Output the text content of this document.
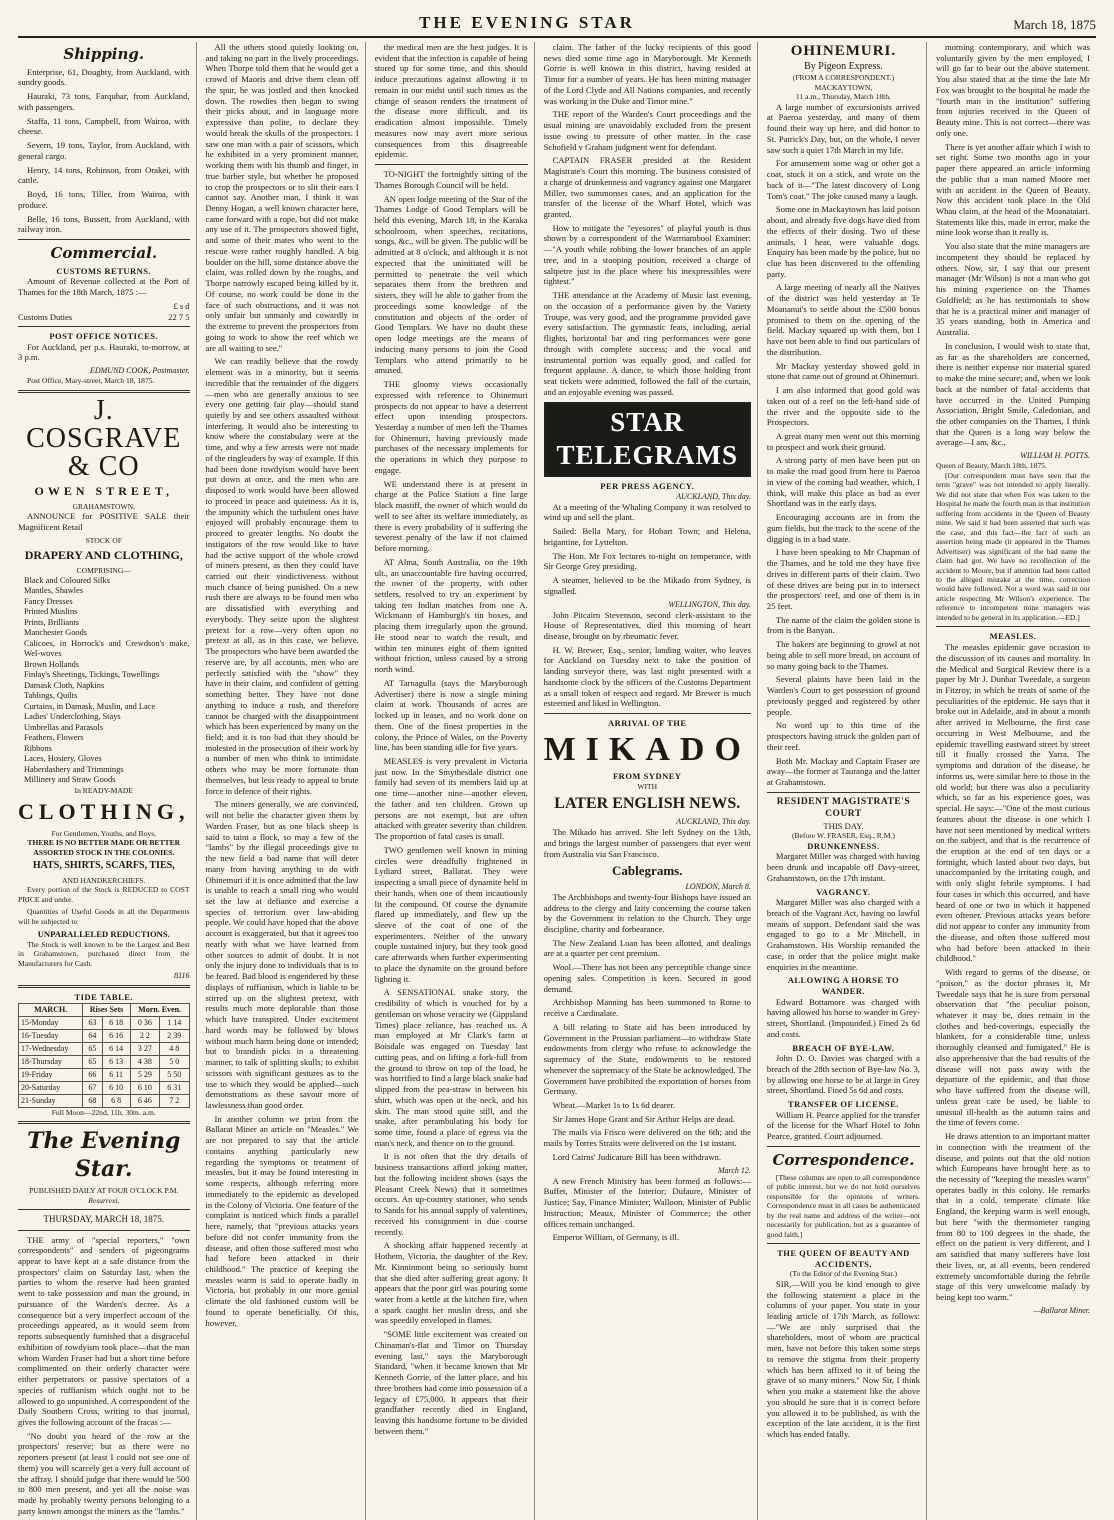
THE EVENING STAR	March 18, 1875
Shipping.

Enterprise, 61, Doughty, from Auckland, with sundry goods.

Hauraki, 73 tons, Farquhar, from Auckland, with passengers.

Staffa, 11 tons, Campbell, from Wairoa, with cheese.

Severn, 19 tons, Taylor, from Auckland, with general cargo.

Henry, 14 tons, Robinson, from Orakei, with cattle.

Boyd, 16 tons, Tiller, from Wairoa, with produce.

Belle, 16 tons, Bussett, from Auckland, with railway iron.

Commercial.
CUSTOMS RETURNS.

Amount of Revenue collected at the Port of Thames for the 18th March, 1875 :—

£ s d
Customs Duties	22 7 5
POST OFFICE NOTICES.

For Auckland, per p.s. Hauraki, to-morrow, at 3 p.m.

EDMUND COOK, Postmaster.

Post Office, Mary-street, March 18, 1875.

J. COSGRAVE & CO
OWEN STREET,
GRAHAMSTOWN,

ANNOUNCE for POSITIVE SALE their Magnificent Retail

STOCK OF
DRAPERY AND CLOTHING,
COMPRISING—
Black and Coloured Silks
Mantles, Shawles
Fancy Dresses
Printed Muslins
Prints, Brilliants
Manchester Goods
Calicoes, in Horrock's and Crewdson's make, Wel-woves
Brown Hollands
Finlay's Sheetings, Tickings, Towellings
Damask Cloth, Napkins
Tablings, Quilts
Curtains, in Damask, Muslin, and Lace
Ladies' Underclothing, Stays
Umbrellas and Parasols
Feathers, Flowers
Ribbons
Laces, Hosiery, Gloves
Haberdashery and Trimmings
Millinery and Straw Goods
In READY-MADE
CLOTHING,
For Gentlemen, Youths, and Boys,
THERE IS NO BETTER MADE OR BETTER ASSORTED STOCK IN THE COLONIES.
HATS, SHIRTS, SCARFS, TIES,
AND HANDKERCHIEFS.

Every portion of the Stock is REDUCED to COST PRICE and under.

Quantities of Useful Goods in all the Departments will be subjected to

UNPARALLELED REDUCTIONS.

The Stock is well known to be the Largest and Best in Grahamstown, purchased direct from the Manufacturers for Cash.

8116
TIDE TABLE.
MARCH.	Rises Sets		Morn. Even.	
15-Monday	63	6 18	0 36	1 14
16-Tuesday	64	6 16	2 2	2 39
17-Wednesday	65	6 14	3 27	4 8
18-Thursday	65	6 13	4 38	5 0
19-Friday	66	6 11	5 29	5 50
20-Saturday	67	6 10	6 10	6 31
21-Sunday	68	6 8	6 46	7 2
Full Moon—22nd, 11h. 30m. a.m.
The Evening Star.
PUBLISHED DAILY AT FOUR O'CLOCK P.M.
Resurrexi.
THURSDAY, MARCH 18, 1875.

THE army of "special reporters," "own correspondents" and senders of pigeongrams appear to have kept at a safe distance from the prospectors' claim on Saturday last, when the parties to whom the reserve had been granted went to take possession and man the ground, in pursuance of the Warden's decree. As a consequence but a very imperfect account of the proceedings appeared, as it would seem from reports subsequently furnished that a disgraceful exhibition of rowdyism took place—that the man whom Warden Fraser had but a short time before complimented on their orderly character were either perpetrators or passive spectators of a species of ruffianism which ought not to be allowed to go unpunished. A correspondent of the Daily Southern Cross, writing to that journal, gives the following account of the fracas :—

"No doubt you heard of the row at the prospectors' reserve; but as there were no reporters present (at least I could not see one of them) you will scarcely get a very full account of the affray. I should judge that there would be 500 to 800 men present, and yet all the noise was made by probably twenty persons belonging to a party known amongst the miners as the "lambs."

All the others stood quietly looking on, and taking no part in the lively proceedings. When Thorpe told them that he would get a crowd of Maoris and drive them clean off the spur, he was jostled and then knocked down. The rowdies then began to swing their picks about, and in language more expressive than polite, to declare they would break the skulls of the prospectors. I saw one man with a pair of scissors, which he exhibited in a very prominent manner, working them with his thumb and finger, in true barber style, but whether he proposed to crop the prospectors or to slit their ears I cannot say. Another man, I think it was Denny Hogan, a well known character here, came forward with a rope, but did not make any use of it. The prospectors showed fight, and some of their mates who went to the rescue were rather roughly handled. A big boulder on the hill, some distance above the claim, was rolled down by the roughs, and Thorpe narrowly escaped being killed by it. Of course, no work could be done in the face of such obstructions, and it was not only unfair but unmanly and cowardly in the extreme to prevent the prospectors from going to work to show the reef which we are all waiting to see."

We can readily believe that the rowdy element was in a minority, but it seems incredible that the remainder of the diggers—men who are generally anxious to see every one getting fair play—should stand quietly by and see others assaulted without interfering. It would also be interesting to know where the constabulary were at the time, and why a few arrests were not made of the ringleaders by way of example. If this had been done rowdyism would have been put down at once, and the men who are disposed to work would have been allowed to proceed in peace and quietness. As it is, the impunity which the turbulent ones have enjoyed will probably encourage them to proceed to greater lengths. No doubt the instigators of the row would like to have had the active support of the whole crowd of miners present, as then they could have carried out their vindictiveness without much chance of being punished. On a new rush there are always to be found men who are dissatisfied with everything and everybody. They seize upon the slightest pretext for a row—very often upon no pretext at all, as in this case, we believe. The prospectors who have been awarded the reserve are, by all accounts, men who are perfectly satisfied with the "show" they have in their claim, and confident of getting something better. They have not done anything to induce a rush, and therefore cannot be charged with the disappointment which has been experienced by many on the field; and it is too bad that they should be molested in the prosecution of their work by a number of men who think to intimidate others who may be more fortunate than themselves, but less ready to appeal to brute force in defence of their rights.

The miners generally, we are convinced, will not belie the character given them by Warden Fraser, but as one black sheep is said to taint a flock, so may a few of the "lambs" by the illegal proceedings give to the new field a bad name that will deter many from having anything to do with Ohinemuri if it is once admitted that the law is unable to reach a small ring who would set the law at defiance and exercise a species of terrorism over law-abiding people. We could have hoped that the above account is exaggerated, but that it agrees too nearly with what we have learned from other sources to admit of doubt. It is not only the injury done to individuals that is to be feared. Bad blood is engendered by these displays of ruffianism, which is liable to be stirred up on the slightest pretext, with results much more deplorable than those which have transpired. Under excitement hard words may be followed by blows without much harm being done or intended; but to brandish picks in a threatening manner, to talk of splitting skulls; to exhibit scissors with significant gestures as to the use to which they would be applied—such demonstrations as these savour more of lawlessness than good order.

In another column we print from the Ballarat Miner an article on "Measles." We are not prepared to say that the article contains anything particularly new regarding the symptoms or treatment of measles, but it may be found interesting in some respects, although referring more immediately to the epidemic as developed in the Colony of Victoria. One feature of the complaint is noticed which finds a parallel here, namely, that "previous attacks years before did not confer immunity from the disease, and often those suffered most who had before been attacked in their childhood." The practice of keeping the measles warm is said to operate badly in Victoria, but probably in our more genial climate the old fashioned custom will be found to operate beneficially. Of this, however,

the medical men are the best judges. It is evident that the infection is capable of being stored up for some time, and this should induce precautions against allowing it to remain in our midst until such times as the change of season renders the treatment of the disease more difficult, and its eradication almost impossible. Timely measures now may avert more serious consequences from this disagreeable epidemic.

TO-NIGHT the fortnightly sitting of the Thames Borough Council will be held.

AN open lodge meeting of the Star of the Thames Lodge of Good Templars will be held this evening, March 18, in the Karaka schoolroom, when speeches, recitations, songs, &c., will be given. The public will be admitted at 8 o'clock, and although it is not expected that the uninitiated will be permitted to penetrate the veil which separates them from the brethren and sisters, they will be able to gather from the proceedings some knowledge of the constitution and objects of the order of Good Templars. We have no doubt these open lodge meetings are the means of inducing many persons to join the Good Templars who attend primarily to be amused.

THE gloomy views occasionally expressed with reference to Ohinemuri prospects do not appear to have a deterrent effect upon intending prospectors. Yesterday a number of men left the Thames for Ohinemuri, having previously made purchases of the necessary implements for the operations in which they purpose to engage.

WE understand there is at present in charge at the Police Station a fine large black mastiff, the owner of which would do well to see after its welfare immediately, as there is every probability of it suffering the severest penalty of the law if not claimed before morning.

AT Alma, South Australia, on the 19th ult., an unaccountable fire having occurred, the owner of the property, with other settlers, resolved to try an experiment by taking ten Indian matches from one A. Wickmann of Hamburgh's tin boxes, and placing them irregularly upon the ground. He stood near to watch the result, and within ten minutes eight of them ignited without friction, unless caused by a strong north wind.

AT Tarnagulla (says the Maryborough Advertiser) there is now a single mining claim at work. Thousands of acres are locked up in leases, and no work done on them. One of the finest properties in the colony, the Prince of Wales, on the Poverty line, has been standing idle for five years.

MEASLES is very prevalent in Victoria just now. In the Smythesdale district one family had seven of its members laid up at one time—another nine—another eleven, the father and ten children. Grown up persons are not exempt, but are often attacked with greater severity than children. The proportion of fatal cases is small.

TWO gentlemen well known in mining circles were dreadfully frightened in Lydiard street, Ballarat. They were inspecting a small piece of dynamite held in their hands, when one of them incautiously lit the compound. Of course the dynamite flared up immediately, and flew up the sleeve of the coat of one of the experimenters. Neither of the unwary couple sustained injury, but they took good care afterwards when further experimenting to place the dynamite on the ground before lighting it.

A SENSATIONAL snake story, the credibility of which is vouched for by a gentleman on whose veracity we (Gippsland Times) place reliance, has reached us. A man employed at Mr Clark's farm at Boisdale was engaged on Tuesday last cutting peas, and on lifting a fork-full from the ground to throw on top of the load, he was horrified to find a large black snake had slipped from the pea-straw in between his shirt, which was open at the neck, and his skin. The man stood quite still, and the snake, after perambulating his body for some time, found a place of egress via the man's neck, and thence on to the ground.

It is not often that the dry details of business transactions afford joking matter, but the following incident shows (says the Pleasant Creek News) that it sometimes occurs. An up-country stationer, who sends to Sands for his annual supply of valentines, received his consignment in due course recently.

A shocking affair happened recently at Hothem, Victoria, the daughter of the Rev. Mr. Kinninmont being so seriously burnt that she died after suffering great agony. It appears that the poor girl was pouring some water from a kettle at the kitchen fire, when a spark caught her muslin dress, and she was speedily enveloped in flames.

"SOME little excitement was created on Chinaman's-flat and Timor on Thursday evening last," says the Maryborough Standard, "when it became known that Mr Kenneth Gorrie, of the latter place, and his three brothers had come into possession of a legacy of £75,000. It appears that their grandfather recently died in England, leaving this handsome fortune to be divided between them."

claim. The father of the lucky recipients of this good news died some time ago in Maryborough. Mr Kenneth Gorrie is well known in this district, having resided at Timor for a number of years. He has been mining manager of the Lord Clyde and All Nations companies, and recently was working in the Duke and Timor mine."

THE report of the Warden's Court proceedings and the usual mining are unavoidably excluded from the present issue owing to pressure of other matter. In the case Schofield v Graham judgment went for defendant.

CAPTAIN FRASER presided at the Resident Magistrate's Court this morning. The business consisted of a charge of drunkenness and vagrancy against one Margaret Miller, two summonses cases, and an application for the transfer of the license of the Wharf Hotel, which was granted.

How to mitigate the "eyesores" of playful youth is thus shown by a correspondent of the Warrnambool Examiner:—"A youth while robbing the lower branches of an apple tree, and in a stooping position, received a charge of saltpetre just in the place where his inexpressibles were tightest."

THE attendance at the Academy of Music last evening, on the occasion of a performance given by the Variety Troupe, was very good, and the programme provided gave every satisfaction. The gymnastic feats, including, aerial flights, horizontal bar and ring performances were gone through with complete success; and the vocal and instrumental portion was equally good, and called for frequent applause. A dance, to which those holding front seat tickets were admitted, followed the fall of the curtain, and an enjoyable evening was passed.

STAR TELEGRAMS
PER PRESS AGENCY.
AUCKLAND, This day.

At a meeting of the Whaling Company it was resolved to wind up and sell the plant.

Sailed: Bella Mary, for Hobart Town; and Helena, brigantine, for Lyttelton.

The Hon. Mr Fox lectures to-night on temperance, with Sir George Grey presiding.

A steamer, believed to be the Mikado from Sydney, is signalled.

WELLINGTON, This day.

John Pitcairn Stevenson, second clerk-assistant to the House of Representatives, died this morning of heart disease, brought on by rheumatic fever.

H. W. Brewer, Esq., senior, landing waiter, who leaves for Auckland on Tuesday next to take the position of landing surveyor there, was last night presented with a handsome clock by the officers of the Customs Department as a small token of respect and regard. Mr Brewer is much esteemed and liked in Wellington.

ARRIVAL OF THE
MIKADO
FROM SYDNEY
WITH
LATER ENGLISH NEWS.
AUCKLAND, This day.

The Mikado has arrived. She left Sydney on the 13th, and brings the largest number of passengers that ever went from Australia via San Francisco.

Cablegrams.
LONDON, March 8.

The Archbishops and twenty-four Bishops have issued an address to the clergy and laity concerning the course taken by the Government in relation to the Church. They urge discipline, charity and forbearance.

The New Zealand Loan has been allotted, and dealings are at a quarter per cent premium.

Wool.—There has not been any perceptible change since opening sales. Competition is keen. Secured in good demand.

Archbishop Manning has been summoned to Rome to receive a Cardinalate.

A bill relating to State aid has been introduced by Government in the Prussian parliament—to withdraw State endowments from clergy who refuse to acknowledge the supremacy of the State, endowments to be restored whenever the supremacy of the State be acknowledged. The Government have prohibited the exportation of horses from Germany.

Wheat.—Market 1s to 1s 6d dearer.

Sir James Hope Grant and Sir Arthur Helps are dead.

The mails via Frisco were delivered on the 6th; and the mails by Torres Straits were delivered on the 1st instant.

Lord Cairns' Judicature Bill has been withdrawn.

March 12.

A new French Ministry has been formed as follows:—Buffet, Minister of the Interior; Dufaure, Minister of Justice; Say, Finance Minister; Walloon, Minister of Public Instruction; Meaux, Minister of Commerce; the other offices remain unchanged.

Emperor William, of Germany, is ill.

OHINEMURI.
By Pigeon Express.
(FROM A CORRESPONDENT.)
MACKAYTOWN,
11 a.m., Thursday, March 18th.

A large number of excursionists arrived at Paeroa yesterday, and many of them found their way up here, and did honor to St. Patrick's Day, but, on the whole, I never saw such a quiet 17th March in my life.

For amusement some wag or other got a coat, stuck it on a stick, and wrote on the back of it—"The latest discovery of Long Tom's coat." The joke caused many a laugh.

Some one in Mackaytown has laid poison about, and already five dogs have died from the effects of their dosing. Two of these animals, I hear, were valuable dogs. Enquiry has been made by the police, but no clue has been discovered to the offending party.

A large meeting of nearly all the Natives of the district was held yesterday at Te Moananui's to settle about the £500 bonus promised to them on the opening of the field. Mackay squared up with them, but I have not been able to find out particulars of the distribution.

Mr Mackay yesterday showed gold in stone that came out of ground at Ohinemuri.

I am also informed that good gold was taken out of a reef on the left-hand side of the river and the opposite side to the Prospectors.

A great many men went out this morning to prospect and work their ground.

A strong party of men have been put on to make the road good from here to Paeroa in view of the coming bad weather, which, I think, will make this place as bad as ever Shortland was in the early days.

Encouraging accounts are in from the gum fields, but the track to the scene of the digging is in a bad state.

I have been speaking to Mr Chapman of the Thames, and he told me they have five drives in different parts of their claim. Two of these drives are being put in to intersect the prospectors' reef, and one of them is in 25 feet.

The name of the claim the golden stone is from is the Banyan.

The bakers are beginning to growl at not being able to sell more bread, on account of so many going back to the Thames.

Several plaints have been laid in the Warden's Court to get possession of ground previously pegged and registered by other people.

No word up to this time of the prospectors having struck the golden part of their reef.

Both Mr. Mackay and Captain Fraser are away—the former at Tauranga and the latter at Grahamstown.

RESIDENT MAGISTRATE'S COURT
THIS DAY.
(Before W. FRASER, Esq., R.M.)
DRUNKENNESS.

Margaret Miller was charged with having been drunk and incapable off Davy-street, Grahamstown, on the 17th instant.

VAGRANCY.

Margaret Miller was also charged with a breach of the Vagrant Act, having no lawful means of support. Defendant said she was engaged to go to a Mr Mitchell, in Grahamstown. His Worship remanded the case, in order that the police might make enquiries in the meantime.

ALLOWING A HORSE TO WANDER.

Edward Bottamore was charged with having allowed his horse to wander in Grey-street, Shortland. (Impounded.) Fined 2s 6d and costs.

BREACH OF BYE-LAW.

John D. O. Davies was charged with a breach of the 28th section of Bye-law No. 3, by allowing one horse to be at large in Grey street, Shortland. Fined 5s 6d and costs.

TRANSFER OF LICENSE.

William H. Pearce applied for the transfer of the license for the Wharf Hotel to John Pearce, granted. Court adjourned.

Correspondence.

[These columns are open to all correspondence of public interest, but we do not hold ourselves responsible for the opinions of writers. Correspondence must in all cases be authenticated by the real name and address of the writer—not necessarily for publication, but as a guarantee of good faith.]

THE QUEEN OF BEAUTY AND ACCIDENTS.
(To the Editor of the Evening Star.)

SIR,—Will you be kind enough to give the following statement a place in the columns of your paper. You state in your leading article of 17th March, as follows:—"We are only surprised that the shareholders, most of whom are practical men, have not before this taken some steps to remove the stigma from their property which has been affixed to it of being the grave of so many miners." Now Sir, I think when you make a statement like the above you should be sure that it is correct before you allowed it to be published, as with the exception of the late accident, it is the first which has ended fatally.

morning contemporary, and which was voluntarily given by the men employed, I will go far to bear out the above statement. You also stated that at the time the late Mr Fox was brought to the hospital he made the "fourth man in the institution" suffering from injuries received in the Queen of Beauty mine. This is not correct—there was only one.

There is yet another affair which I wish to set right. Some two months ago in your paper there appeared an article informing the public that a man named Moore met with an accident in the Queen of Beauty. Now this accident took place in the Old Whau claim, at the head of the Moanataiari. Statements like this, made in error, make the mine look worse than it really is.

You also state that the mine managers are incompetent they should be replaced by others. Now, sir, I say that our present manager (Mr Wilson) is not a man who got his mining experience on the Thames Goldfield; as he has testimonials to show that he is a practical miner and manager of 35 years standing, both in America and Australia.

In conclusion, I would wish to state that, as far as the shareholders are concerned, there is neither expense nor material spared to make the mine secure; and, when we look back at the number of fatal accidents that have occurred in the United Pumping Association, Bright Smile, Caledonian, and the other companies on the Thames, I think that the Queen is a long way below the average—I am, &c.,

WILLIAM H. POTTS.
Queen of Beauty, March 18th, 1875.

[Our correspondent must have seen that the term "grave" was not intended to apply literally. We did not state that when Fox was taken to the Hospital he made the fourth man in that institution suffering from accidents in the Queen of Beauty mine. We said it had been asserted that such was the case, and this fact—the fact of such an assertion being made (it appeared in the Thames Advertiser) was significant of the bad name the claim had got. We have no recollection of the accident to Moore, but if attention had been called to the alleged mistake at the time, correction would have followed. Not a word was said in our article respecting Mr Wilson's experience. The reference to incompetent mine managers was intended to be general in its application.—ED.]

MEASLES.

The measles epidemic gave occasion to the discussion of its causes and mortality. In the Medical and Surgical Review there is a paper by Mr J. Dunbar Tweedale, a surgeon in Fitzroy, in which he treats of some of the peculiarities of the epidemic. He says that it broke out in Adelaide, and in about a month after arrived in Melbourne, the first case occurring in West Melbourne, and the epidemic travelling eastward street by street till it finally crossed the Yarra. The symptoms and duration of the disease, he informs us, were similar here to those in the old world; but there was also a peculiarity which, so far as his experience goes, was special. He says:—"One of the most curious features about the disease is one which I have not seen mentioned by medical writers on the subject, and that is the recurrence of the eruption at the end of ten days or a fortnight, which lasted about two days, but unaccompanied by the irritating cough, and with only slight febrile symptoms. I had four cases in which this occurred, and have heard of one or two in which it happened even oftener. Previous attacks years before did not appear to confer any immunity from the disease, and often those suffered most who had before been attacked in their childhood."

With regard to germs of the disease, or "poison," as the doctor phrases it, Mr Tweedale says that he is sure from personal observation that "the peculiar poison, whatever it may be, does remain in the clothes and bed-coverings, especially the blankets, for a considerable time, unless thoroughly cleansed and fumigated." He is also apprehensive that the bad results of the disease will not pass away with the departure of the epidemic, and that those who have suffered from the disease will, unless great care be used, be liable to unusual ill-health as the autumn rains and the time of fevers come.

He draws attention to an important matter in connection with the treatment of the disease, and points out that the old notion which Europeans have brought here as to the necessity of "keeping the measles warm" operates badly in this colony. He remarks that in a cold, temperate climate like England, the keeping warm is well enough, but here "with the thermometer ranging from 80 to 100 degrees in the shade, the effect on the patient is very different, and I am satisfied that many sufferers have lost their lives, or, at all events, been rendered extremely uncomfortable during the febrile stage of this very unwelcome malady by being kept too warm."

—Ballarat Miner.
